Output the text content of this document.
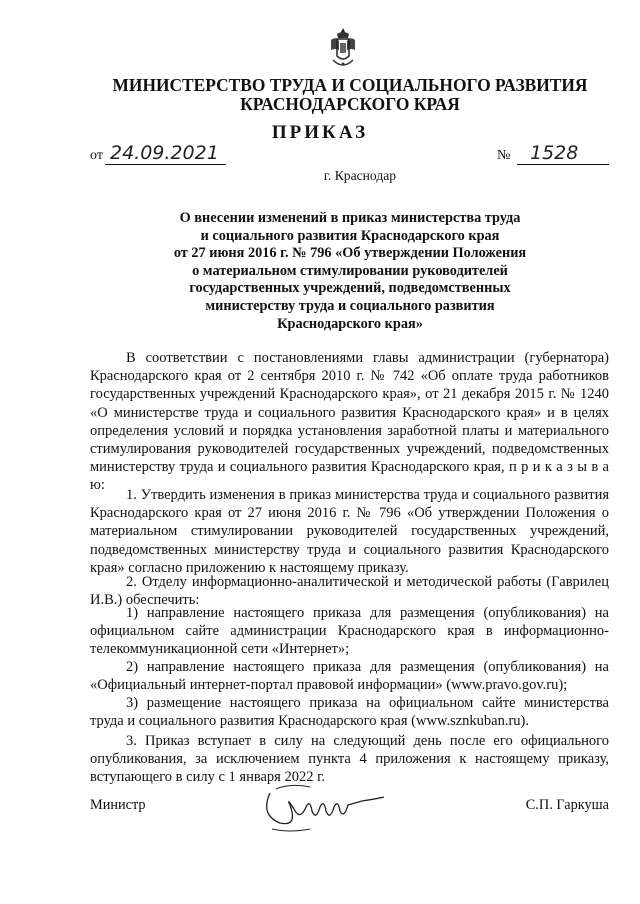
МИНИСТЕРСТВО ТРУДА И СОЦИАЛЬНОГО РАЗВИТИЯ
КРАСНОДАРСКОГО КРАЯ
ПРИКАЗ
от 24.09.2021	№ 1528
г. Краснодар
О внесении изменений в приказ министерства труда
и социального развития Краснодарского края
от 27 июня 2016 г. № 796 «Об утверждении Положения
о материальном стимулировании руководителей
государственных учреждений, подведомственных
министерству труда и социального развития
Краснодарского края»

В соответствии с постановлениями главы администрации (губернатора) Краснодарского края от 2 сентября 2010 г. № 742 «Об оплате труда работников государственных учреждений Краснодарского края», от 21 декабря 2015 г. № 1240 «О министерстве труда и социального развития Краснодарского края» и в целях определения условий и порядка установления заработной платы и материального стимулирования руководителей государственных учреждений, подведомственных министерству труда и социального развития Краснодарского края, п р и к а з ы в а ю:

1. Утвердить изменения в приказ министерства труда и социального развития Краснодарского края от 27 июня 2016 г. № 796 «Об утверждении Положения о материальном стимулировании руководителей государственных учреждений, подведомственных министерству труда и социального развития Краснодарского края» согласно приложению к настоящему приказу.

2. Отделу информационно-аналитической и методической работы (Гаврилец И.В.) обеспечить:

1) направление настоящего приказа для размещения (опубликования) на официальном сайте администрации Краснодарского края в информационно-телекоммуникационной сети «Интернет»;

2) направление настоящего приказа для размещения (опубликования) на «Официальный интернет-портал правовой информации» (www.pravo.gov.ru);

3) размещение настоящего приказа на официальном сайте министерства труда и социального развития Краснодарского края (www.sznkuban.ru).

3. Приказ вступает в силу на следующий день после его официального опубликования, за исключением пункта 4 приложения к настоящему приказу, вступающего в силу с 1 января 2022 г.

Министр	С.П. Гаркуша
